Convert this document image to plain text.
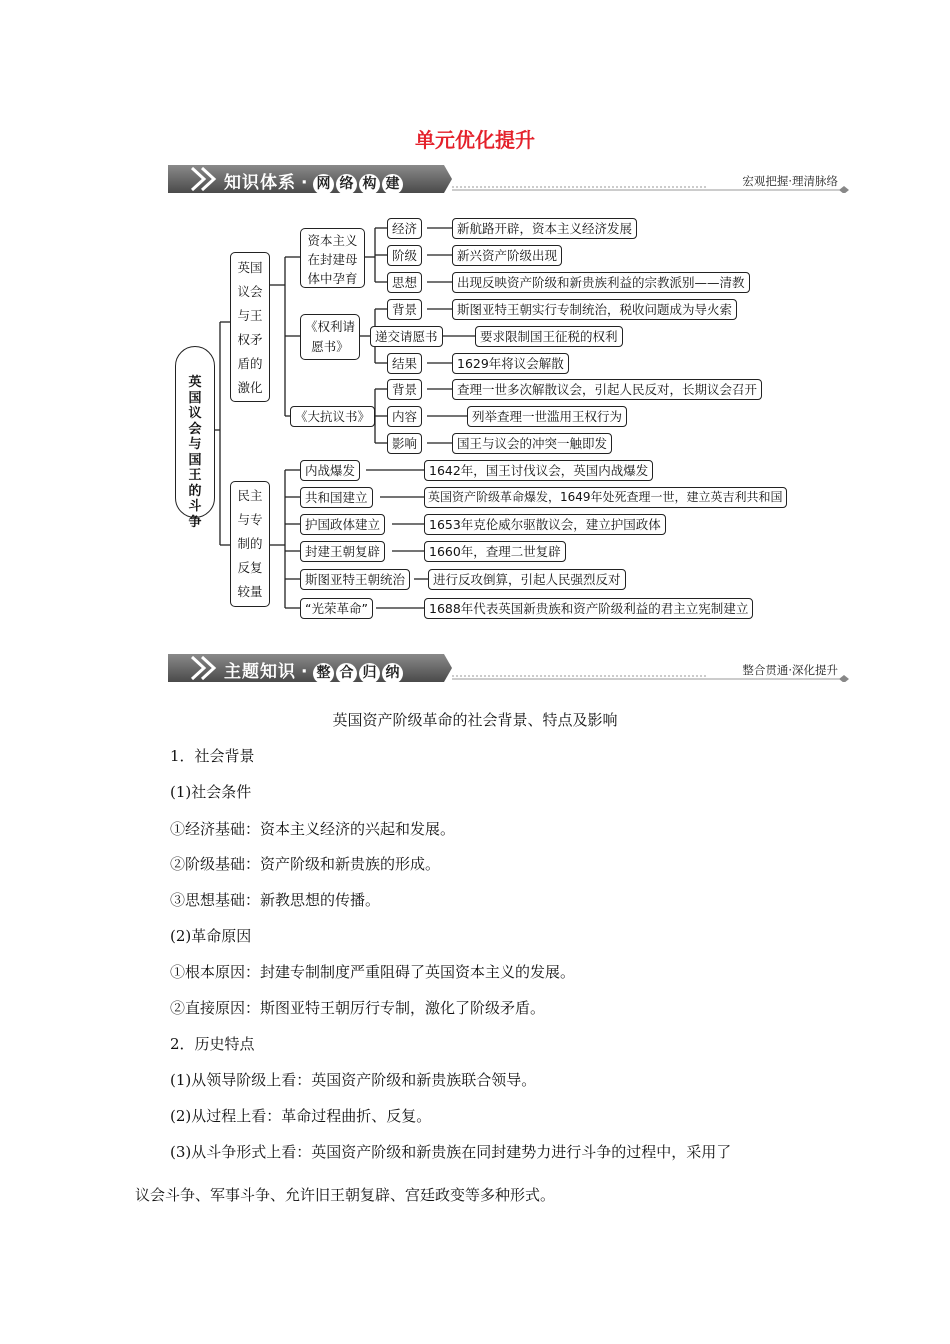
单元优化提升
知识体系 · 网 络 构 建	宏观把握·理清脉络
英
国
议
会
与
国
王
的
斗
争
英国
议会
与王
权矛
盾的
激化
民主
与专
制的
反复
较量
资本主义
在封建母
体中孕育
《权利请
愿书》
《大抗议书》
经济	新航路开辟，资本主义经济发展
阶级	新兴资产阶级出现
思想	出现反映资产阶级和新贵族利益的宗教派别——清教
背景	斯图亚特王朝实行专制统治，税收问题成为导火索
递交请愿书	要求限制国王征税的权利
结果	1629年将议会解散
背景	查理一世多次解散议会，引起人民反对，长期议会召开
内容	列举查理一世滥用王权行为
影响	国王与议会的冲突一触即发
内战爆发	1642年，国王讨伐议会，英国内战爆发
共和国建立	英国资产阶级革命爆发，1649年处死查理一世，建立英吉利共和国
护国政体建立	1653年克伦威尔驱散议会，建立护国政体
封建王朝复辟	1660年，查理二世复辟
斯图亚特王朝统治	进行反攻倒算，引起人民强烈反对
“光荣革命”	1688年代表英国新贵族和资产阶级利益的君主立宪制建立
主题知识 · 整 合 归 纳	整合贯通·深化提升
英国资产阶级革命的社会背景、特点及影响
1．社会背景
(1)社会条件
①经济基础：资本主义经济的兴起和发展。
②阶级基础：资产阶级和新贵族的形成。
③思想基础：新教思想的传播。
(2)革命原因
①根本原因：封建专制制度严重阻碍了英国资本主义的发展。
②直接原因：斯图亚特王朝厉行专制，激化了阶级矛盾。
2．历史特点
(1)从领导阶级上看：英国资产阶级和新贵族联合领导。
(2)从过程上看：革命过程曲折、反复。
(3)从斗争形式上看：英国资产阶级和新贵族在同封建势力进行斗争的过程中，采用了
议会斗争、军事斗争、允许旧王朝复辟、宫廷政变等多种形式。
